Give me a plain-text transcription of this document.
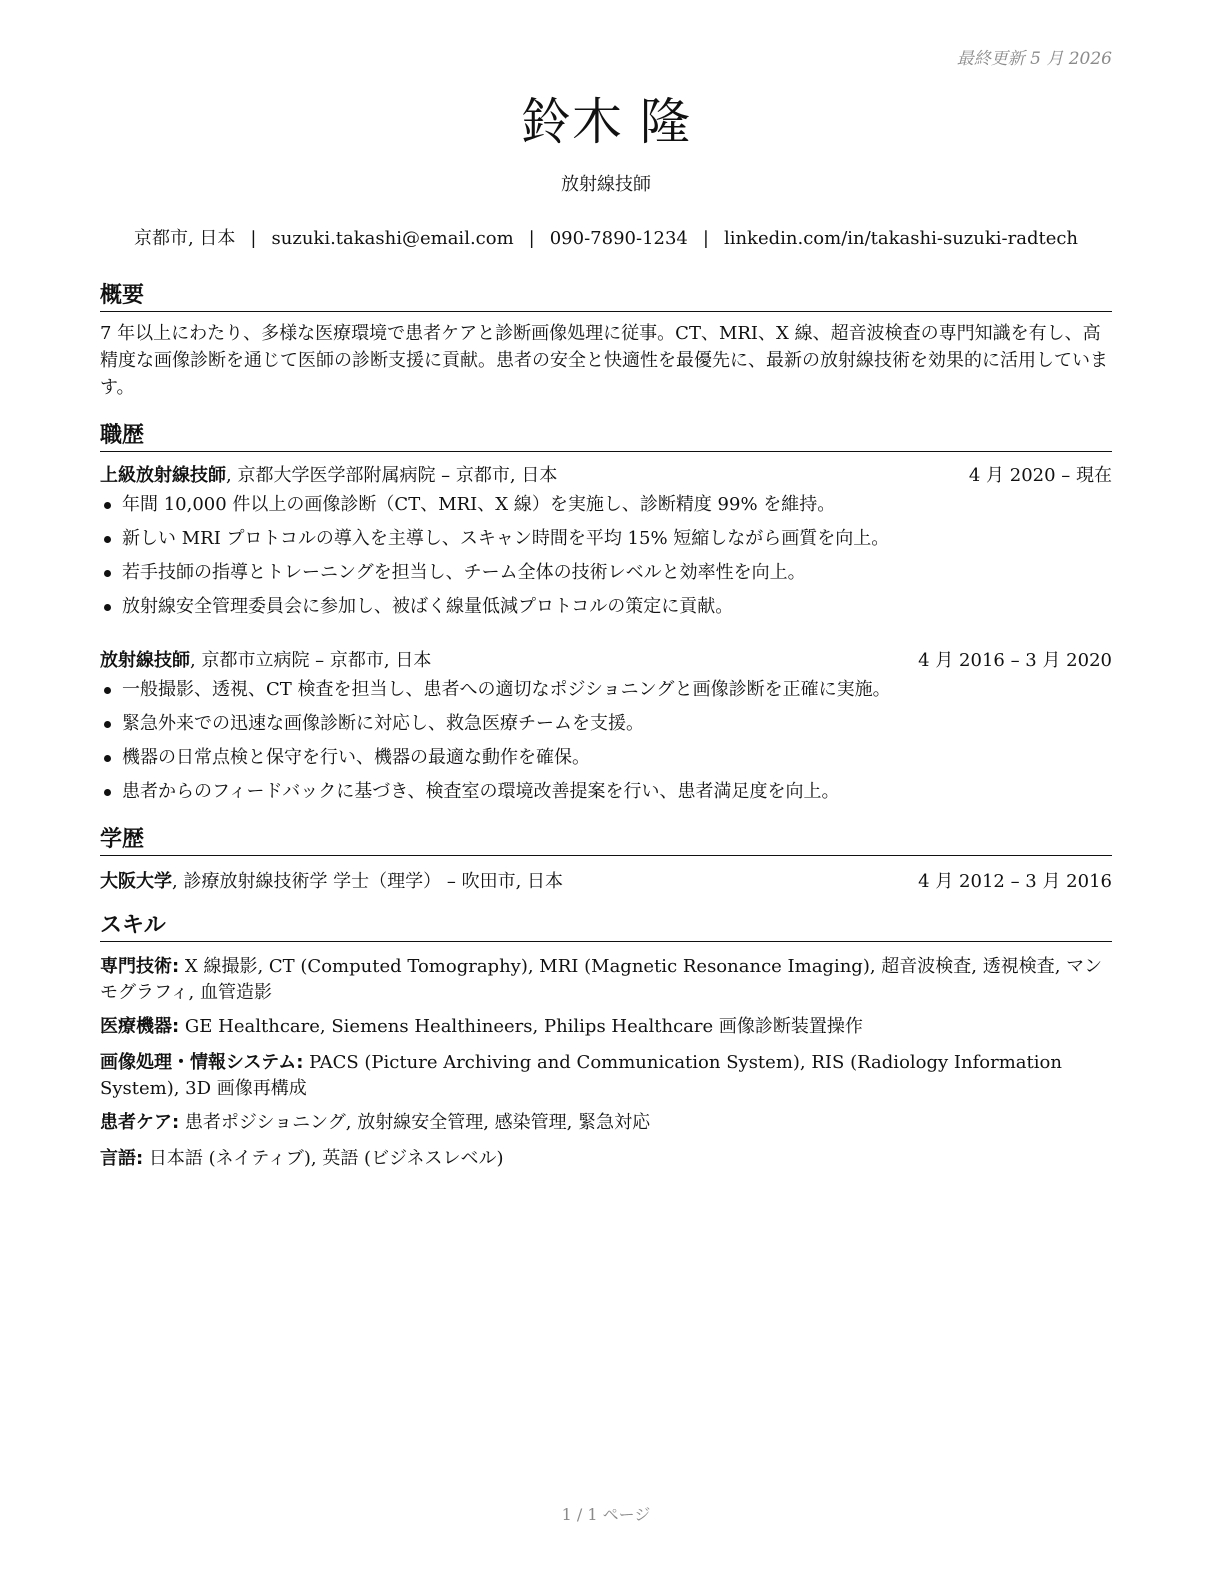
最終更新 5 月 2026
鈴木 隆
放射線技師
京都市, 日本 | suzuki.takashi@email.com | 090-7890-1234 | linkedin.com/in/takashi-suzuki-radtech
概要
7 年以上にわたり、多様な医療環境で患者ケアと診断画像処理に従事。CT、MRI、X 線、超音波検査の専門知識を有し、高精度な画像診断を通じて医師の診断支援に貢献。患者の安全と快適性を最優先に、最新の放射線技術を効果的に活用しています。
職歴
上級放射線技師, 京都大学医学部附属病院 – 京都市, 日本	4 月 2020 – 現在
年間 10,000 件以上の画像診断（CT、MRI、X 線）を実施し、診断精度 99% を維持。
新しい MRI プロトコルの導入を主導し、スキャン時間を平均 15% 短縮しながら画質を向上。
若手技師の指導とトレーニングを担当し、チーム全体の技術レベルと効率性を向上。
放射線安全管理委員会に参加し、被ばく線量低減プロトコルの策定に貢献。
放射線技師, 京都市立病院 – 京都市, 日本	4 月 2016 – 3 月 2020
一般撮影、透視、CT 検査を担当し、患者への適切なポジショニングと画像診断を正確に実施。
緊急外来での迅速な画像診断に対応し、救急医療チームを支援。
機器の日常点検と保守を行い、機器の最適な動作を確保。
患者からのフィードバックに基づき、検査室の環境改善提案を行い、患者満足度を向上。
学歴
大阪大学, 診療放射線技術学 学士（理学） – 吹田市, 日本	4 月 2012 – 3 月 2016
スキル
専門技術: X 線撮影, CT (Computed Tomography), MRI (Magnetic Resonance Imaging), 超音波検査, 透視検査, マンモグラフィ, 血管造影
医療機器: GE Healthcare, Siemens Healthineers, Philips Healthcare 画像診断装置操作
画像処理・情報システム: PACS (Picture Archiving and Communication System), RIS (Radiology Information System), 3D 画像再構成
患者ケア: 患者ポジショニング, 放射線安全管理, 感染管理, 緊急対応
言語: 日本語 (ネイティブ), 英語 (ビジネスレベル)
1 / 1 ページ
